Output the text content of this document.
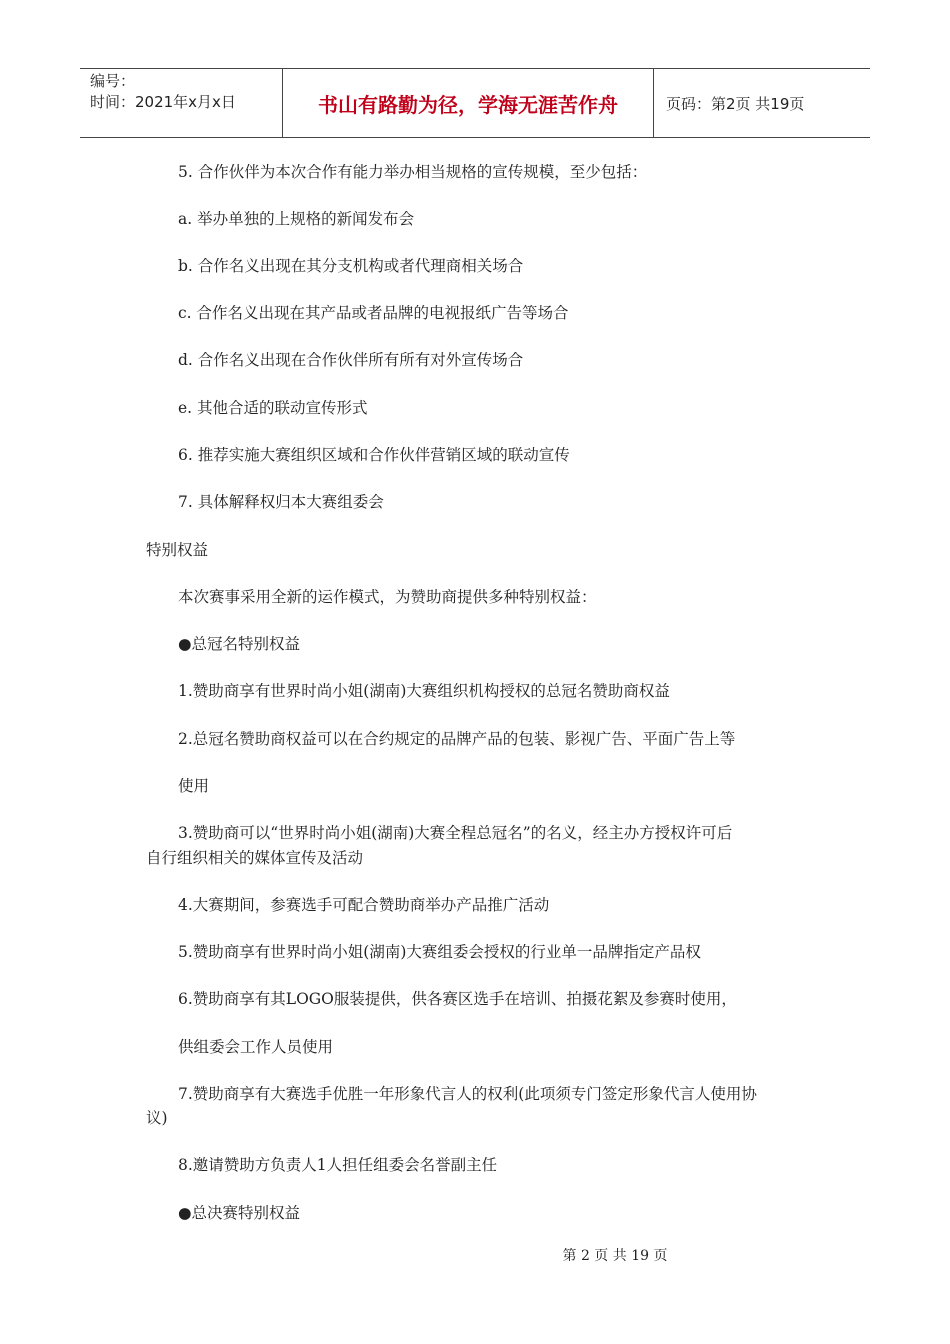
编号：
时间：2021年x月x日	书山有路勤为径，学海无涯苦作舟	页码：第2页 共19页
5. 合作伙伴为本次合作有能力举办相当规格的宣传规模，至少包括：
a. 举办单独的上规格的新闻发布会
b. 合作名义出现在其分支机构或者代理商相关场合
c. 合作名义出现在其产品或者品牌的电视报纸广告等场合
d. 合作名义出现在合作伙伴所有所有对外宣传场合
e. 其他合适的联动宣传形式
6. 推荐实施大赛组织区域和合作伙伴营销区域的联动宣传
7. 具体解释权归本大赛组委会
特别权益
本次赛事采用全新的运作模式，为赞助商提供多种特别权益：
●总冠名特别权益
1.赞助商享有世界时尚小姐(湖南)大赛组织机构授权的总冠名赞助商权益
2.总冠名赞助商权益可以在合约规定的品牌产品的包装、影视广告、平面广告上等
使用
3.赞助商可以“世界时尚小姐(湖南)大赛全程总冠名”的名义，经主办方授权许可后
自行组织相关的媒体宣传及活动
4.大赛期间，参赛选手可配合赞助商举办产品推广活动
5.赞助商享有世界时尚小姐(湖南)大赛组委会授权的行业单一品牌指定产品权
6.赞助商享有其LOGO服装提供，供各赛区选手在培训、拍摄花絮及参赛时使用，
供组委会工作人员使用
7.赞助商享有大赛选手优胜一年形象代言人的权利(此项须专门签定形象代言人使用协
议)
8.邀请赞助方负责人1人担任组委会名誉副主任
●总决赛特别权益
第 2 页 共 19 页
